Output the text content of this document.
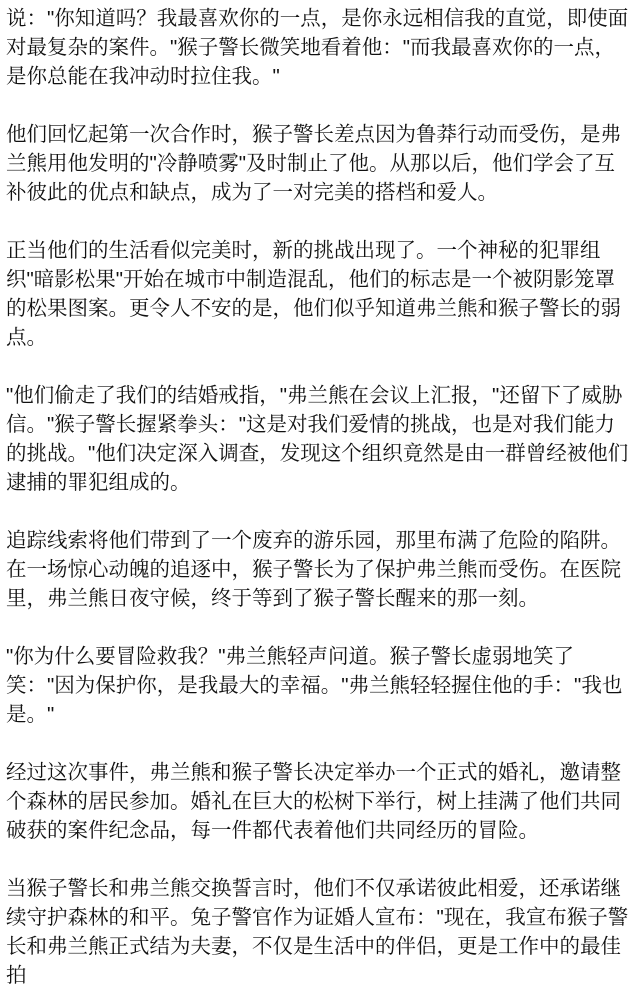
说："你知道吗？我最喜欢你的一点，是你永远相信我的直觉，即使面对最复杂的案件。"猴子警长微笑地看着他："而我最喜欢你的一点，是你总能在我冲动时拉住我。"

他们回忆起第一次合作时，猴子警长差点因为鲁莽行动而受伤，是弗兰熊用他发明的"冷静喷雾"及时制止了他。从那以后，他们学会了互补彼此的优点和缺点，成为了一对完美的搭档和爱人。

正当他们的生活看似完美时，新的挑战出现了。一个神秘的犯罪组织"暗影松果"开始在城市中制造混乱，他们的标志是一个被阴影笼罩的松果图案。更令人不安的是，他们似乎知道弗兰熊和猴子警长的弱点。

"他们偷走了我们的结婚戒指，"弗兰熊在会议上汇报，"还留下了威胁信。"猴子警长握紧拳头："这是对我们爱情的挑战，也是对我们能力的挑战。"他们决定深入调查，发现这个组织竟然是由一群曾经被他们逮捕的罪犯组成的。

追踪线索将他们带到了一个废弃的游乐园，那里布满了危险的陷阱。在一场惊心动魄的追逐中，猴子警长为了保护弗兰熊而受伤。在医院里，弗兰熊日夜守候，终于等到了猴子警长醒来的那一刻。

"你为什么要冒险救我？"弗兰熊轻声问道。猴子警长虚弱地笑了笑："因为保护你，是我最大的幸福。"弗兰熊轻轻握住他的手："我也是。"

经过这次事件，弗兰熊和猴子警长决定举办一个正式的婚礼，邀请整个森林的居民参加。婚礼在巨大的松树下举行，树上挂满了他们共同破获的案件纪念品，每一件都代表着他们共同经历的冒险。

当猴子警长和弗兰熊交换誓言时，他们不仅承诺彼此相爱，还承诺继续守护森林的和平。兔子警官作为证婚人宣布："现在，我宣布猴子警长和弗兰熊正式结为夫妻，不仅是生活中的伴侣，更是工作中的最佳拍
